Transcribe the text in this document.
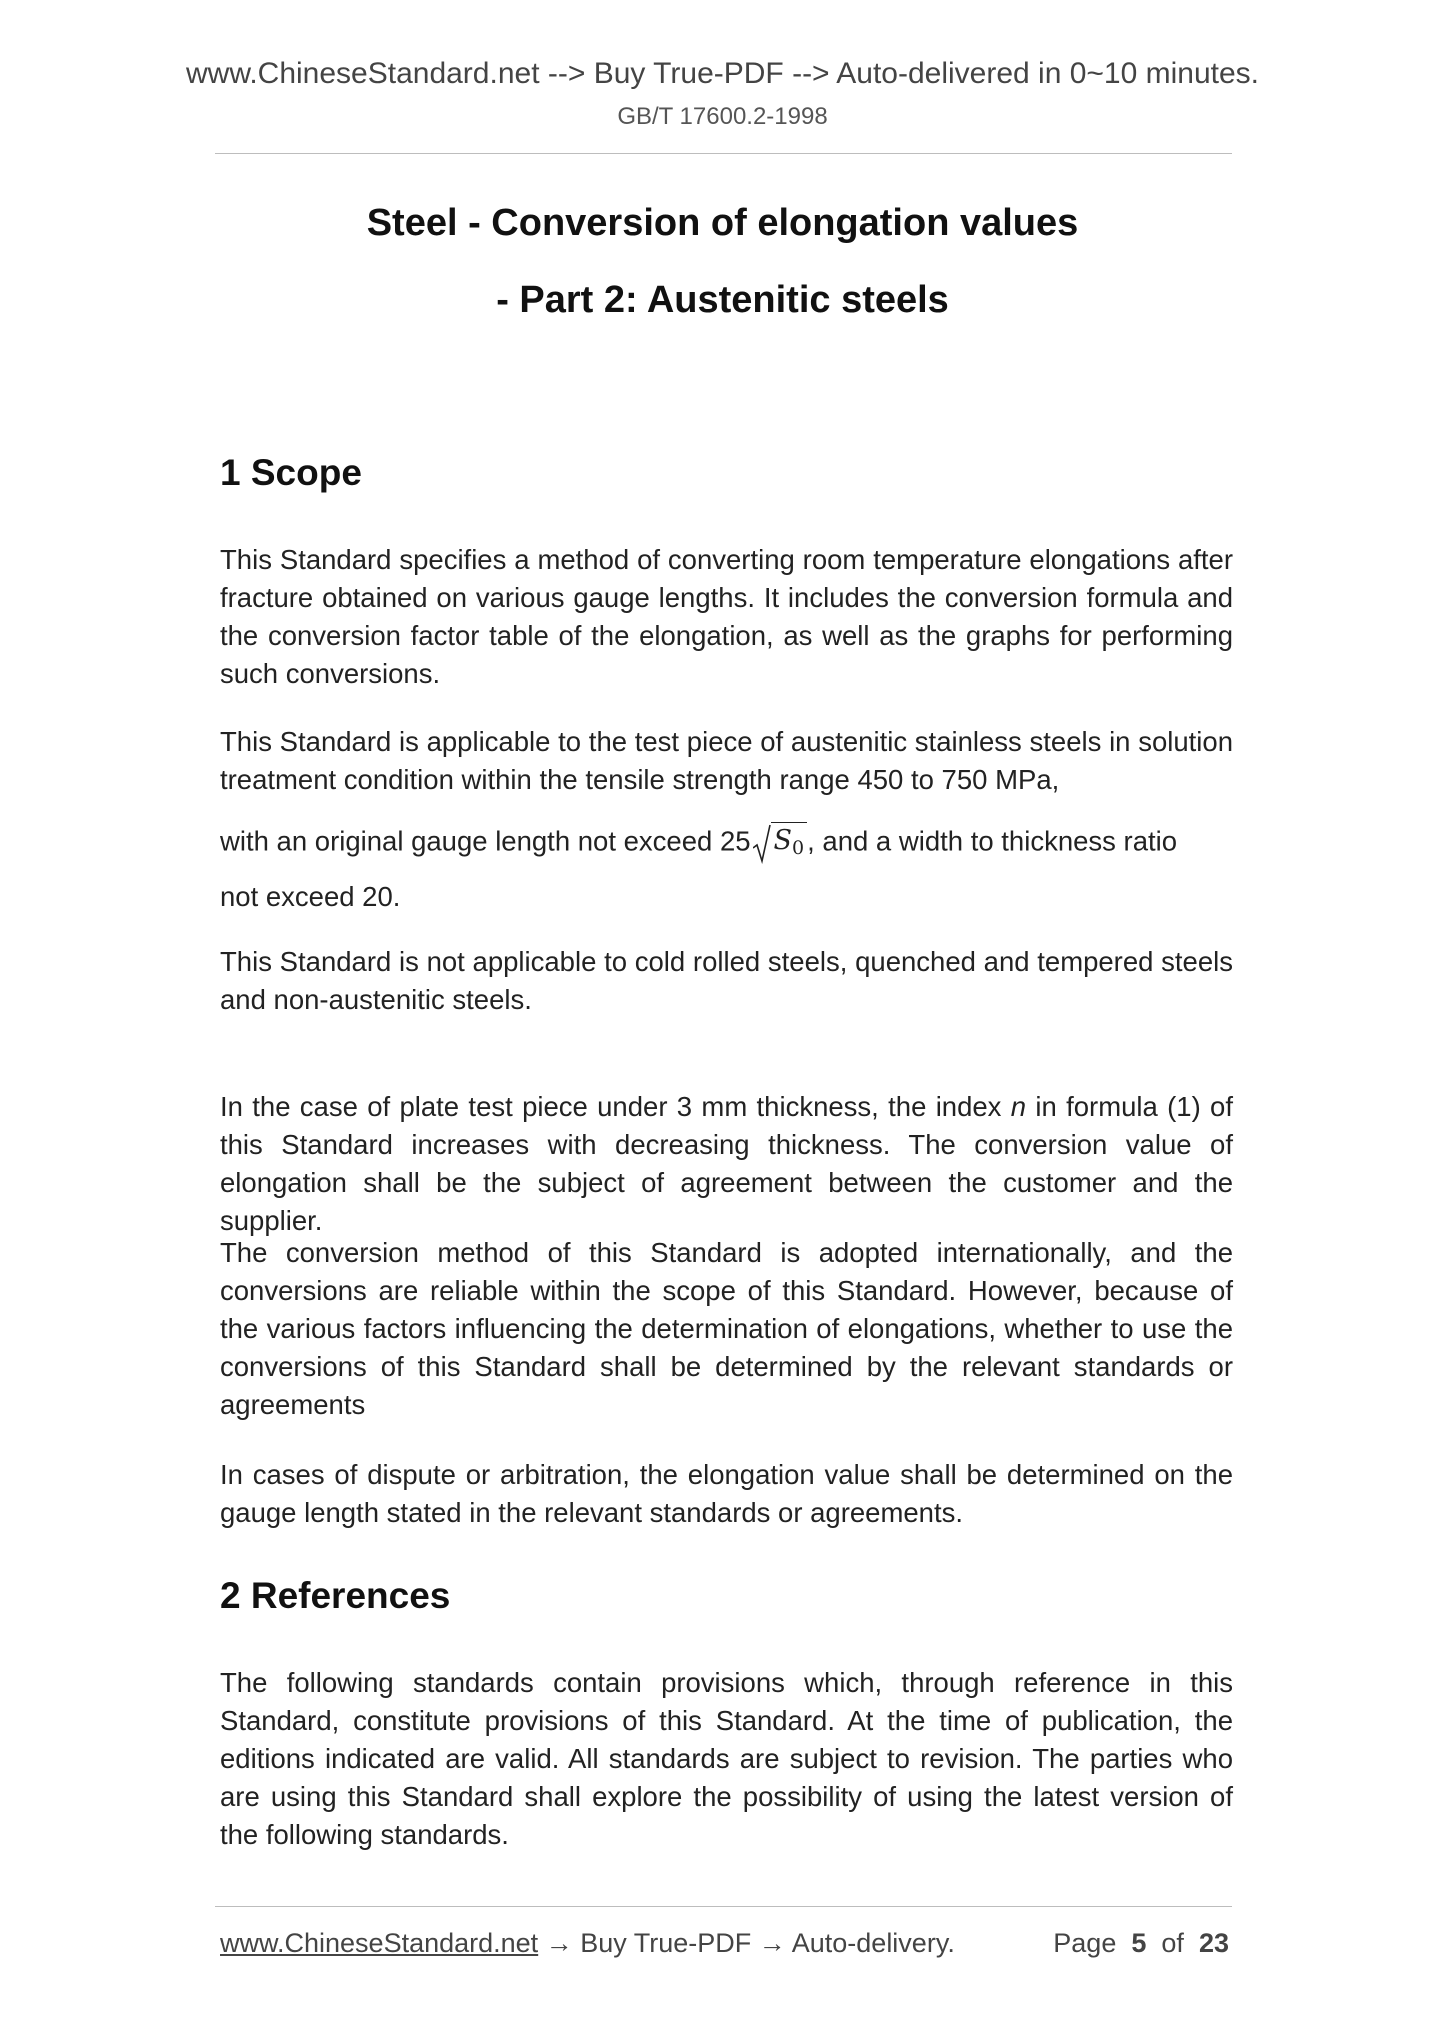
www.ChineseStandard.net --> Buy True-PDF --> Auto-delivered in 0~10 minutes.
GB/T 17600.2-1998
Steel - Conversion of elongation values
- Part 2: Austenitic steels
1 Scope

This Standard specifies a method of converting room temperature elongations after fracture obtained on various gauge lengths. It includes the conversion formula and the conversion factor table of the elongation, as well as the graphs for performing such conversions.

This Standard is applicable to the test piece of austenitic stainless steels in solution treatment condition within the tensile strength range 450 to 750 MPa,

with an original gauge length not exceed 25 $S_0$ , and a width to thickness ratio

not exceed 20.

This Standard is not applicable to cold rolled steels, quenched and tempered steels and non-austenitic steels.

In the case of plate test piece under 3 mm thickness, the index n in formula (1) of this Standard increases with decreasing thickness. The conversion value of elongation shall be the subject of agreement between the customer and the supplier.

The conversion method of this Standard is adopted internationally, and the conversions are reliable within the scope of this Standard. However, because of the various factors influencing the determination of elongations, whether to use the conversions of this Standard shall be determined by the relevant standards or agreements

In cases of dispute or arbitration, the elongation value shall be determined on the gauge length stated in the relevant standards or agreements.

2 References

The following standards contain provisions which, through reference in this Standard, constitute provisions of this Standard. At the time of publication, the editions indicated are valid. All standards are subject to revision. The parties who are using this Standard shall explore the possibility of using the latest version of the following standards.

www.ChineseStandard.net → Buy True-PDF → Auto-delivery.	Page 5 of 23
